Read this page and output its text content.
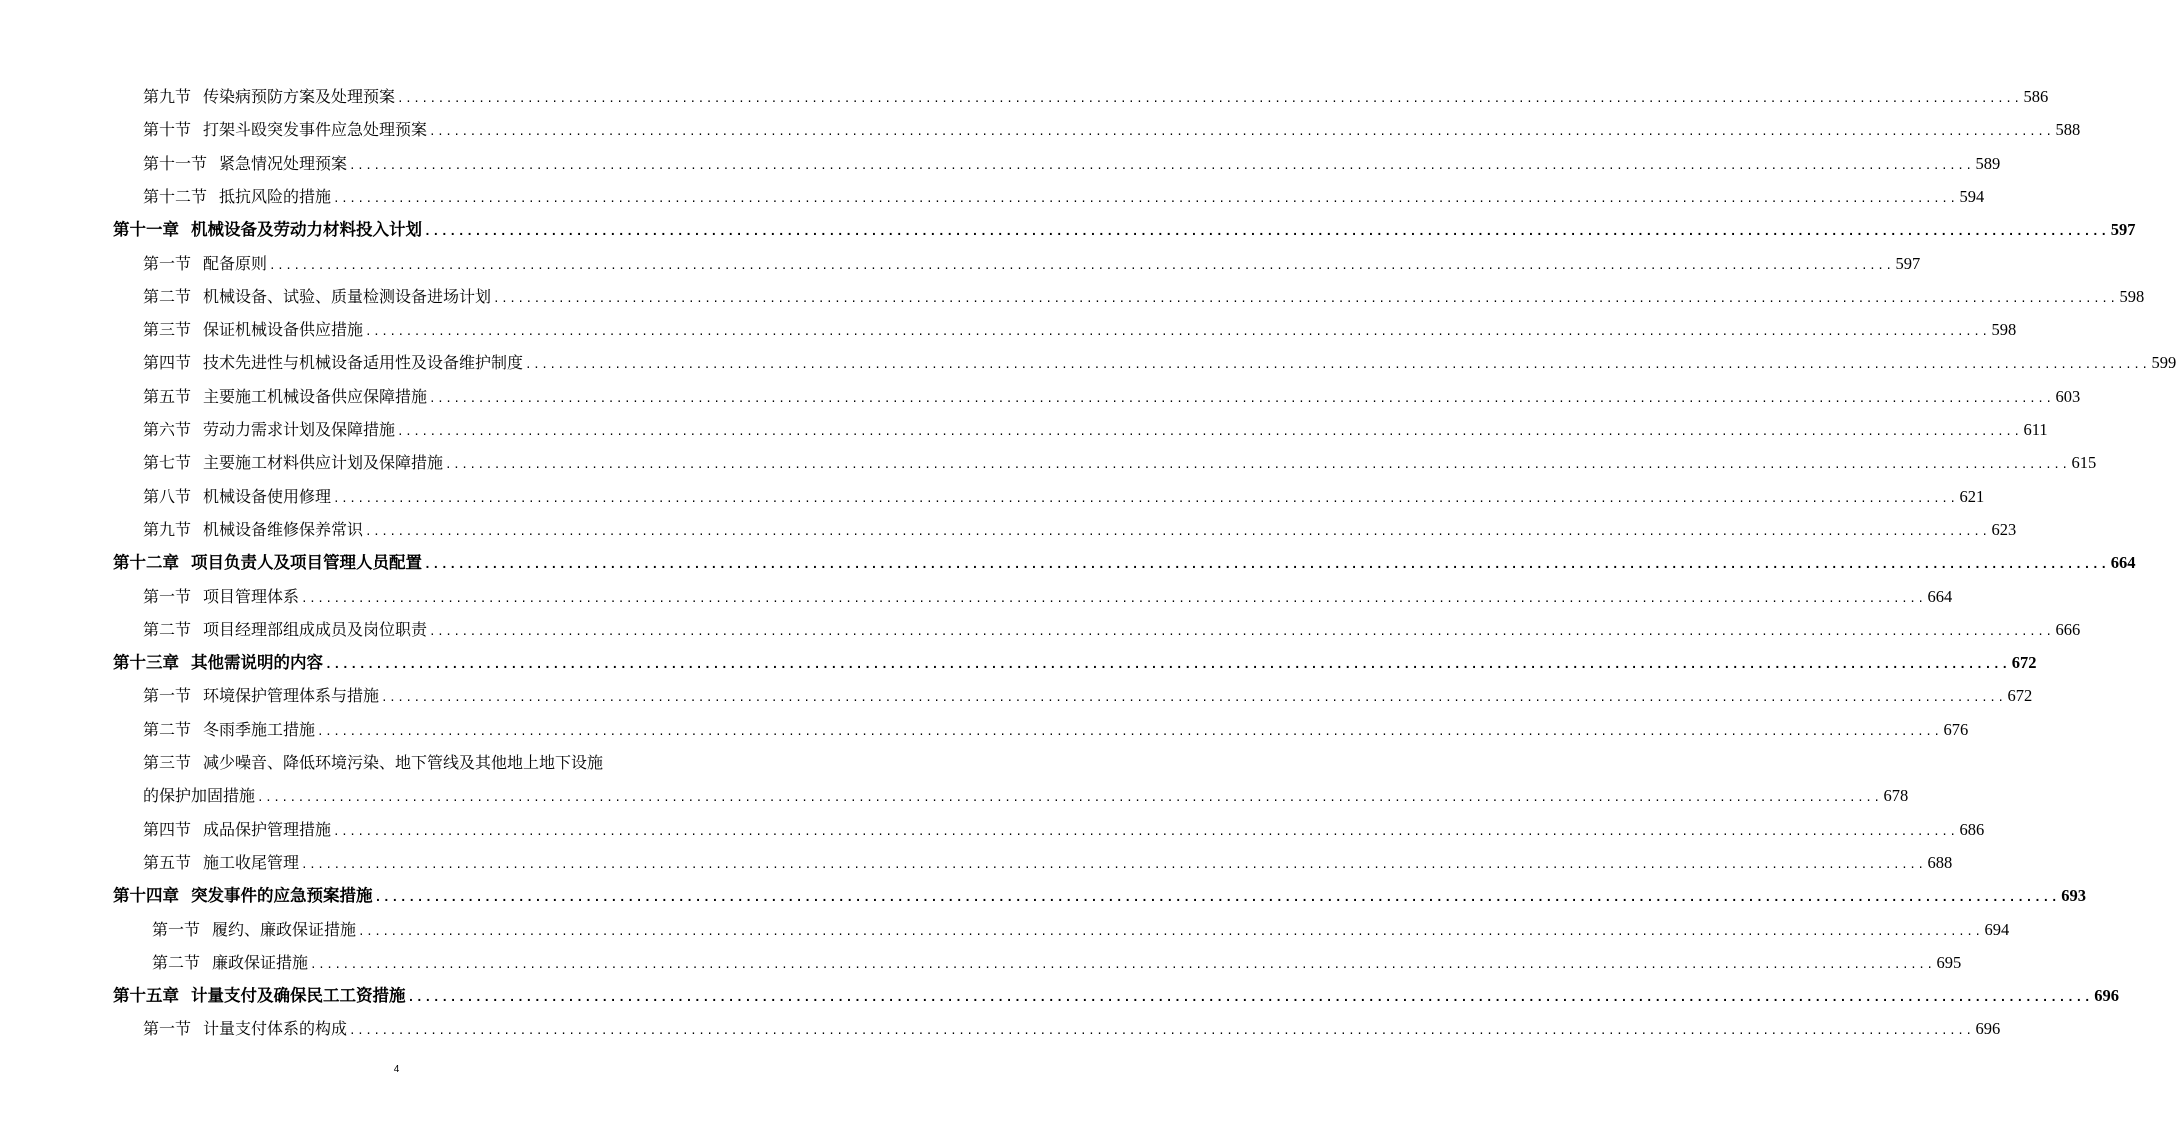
第九节 传染病预防方案及处理预案 ........................................................................................................................................................................................................ 586
第十节 打架斗殴突发事件应急处理预案 ........................................................................................................................................................................................................ 588
第十一节 紧急情况处理预案 ........................................................................................................................................................................................................ 589
第十二节 抵抗风险的措施 ........................................................................................................................................................................................................ 594
第十一章 机械设备及劳动力材料投入计划 ........................................................................................................................................................................................................ 597
第一节 配备原则 ........................................................................................................................................................................................................ 597
第二节 机械设备、试验、质量检测设备进场计划 ........................................................................................................................................................................................................ 598
第三节 保证机械设备供应措施 ........................................................................................................................................................................................................ 598
第四节 技术先进性与机械设备适用性及设备维护制度 ........................................................................................................................................................................................................ 599
第五节 主要施工机械设备供应保障措施 ........................................................................................................................................................................................................ 603
第六节 劳动力需求计划及保障措施 ........................................................................................................................................................................................................ 611
第七节 主要施工材料供应计划及保障措施 ........................................................................................................................................................................................................ 615
第八节 机械设备使用修理 ........................................................................................................................................................................................................ 621
第九节 机械设备维修保养常识 ........................................................................................................................................................................................................ 623
第十二章 项目负责人及项目管理人员配置 ........................................................................................................................................................................................................ 664
第一节 项目管理体系 ........................................................................................................................................................................................................ 664
第二节 项目经理部组成成员及岗位职责 ........................................................................................................................................................................................................ 666
第十三章 其他需说明的内容 ........................................................................................................................................................................................................ 672
第一节 环境保护管理体系与措施 ........................................................................................................................................................................................................ 672
第二节 冬雨季施工措施 ........................................................................................................................................................................................................ 676
第三节 减少噪音、降低环境污染、地下管线及其他地上地下设施
的保护加固措施 ........................................................................................................................................................................................................ 678
第四节 成品保护管理措施 ........................................................................................................................................................................................................ 686
第五节 施工收尾管理 ........................................................................................................................................................................................................ 688
第十四章 突发事件的应急预案措施 ........................................................................................................................................................................................................ 693
第一节 履约、廉政保证措施 ........................................................................................................................................................................................................ 694
第二节 廉政保证措施 ........................................................................................................................................................................................................ 695
第十五章 计量支付及确保民工工资措施 ........................................................................................................................................................................................................ 696
第一节 计量支付体系的构成 ........................................................................................................................................................................................................ 696
4
